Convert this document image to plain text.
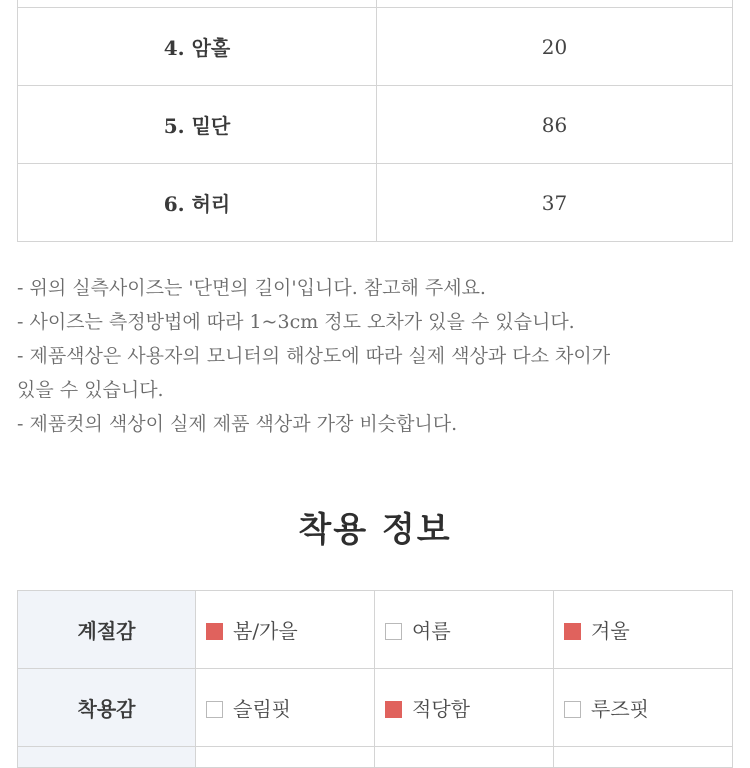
4. 암홀	20
5. 밑단	86
6. 허리	37
- 위의 실측사이즈는 '단면의 길이'입니다. 참고해 주세요.
- 사이즈는 측정방법에 따라 1~3cm 정도 오차가 있을 수 있습니다.
- 제품색상은 사용자의 모니터의 해상도에 따라 실제 색상과 다소 차이가
있을 수 있습니다.
- 제품컷의 색상이 실제 제품 색상과 가장 비슷합니다.
착용 정보
계절감	봄/가을	여름	겨울
착용감	슬림핏	적당함	루즈핏
